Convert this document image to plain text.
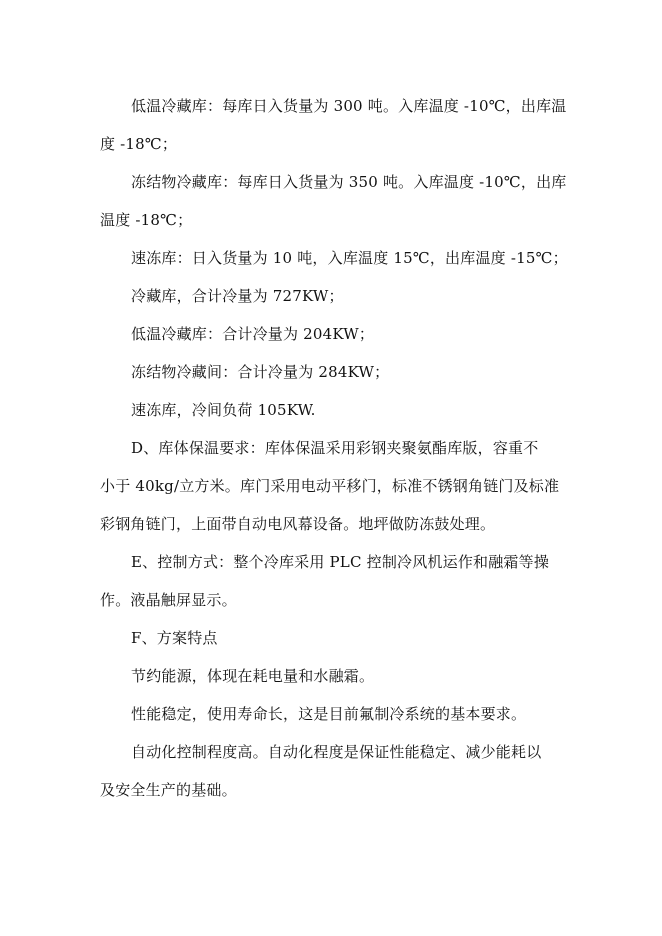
低温冷藏库：每库日入货量为 300 吨。入库温度 -10℃，出库温
度 -18℃；

冻结物冷藏库：每库日入货量为 350 吨。入库温度 -10℃，出库
温度 -18℃；

速冻库：日入货量为 10 吨，入库温度 15℃，出库温度 -15℃；

冷藏库，合计冷量为 727KW；

低温冷藏库：合计冷量为 204KW；

冻结物冷藏间：合计冷量为 284KW；

速冻库，冷间负荷 105KW.

D、库体保温要求：库体保温采用彩钢夹聚氨酯库版，容重不
小于 40kg/立方米。库门采用电动平移门，标准不锈钢角链门及标准
彩钢角链门，上面带自动电风幕设备。地坪做防冻鼓处理。

E、控制方式：整个冷库采用 PLC 控制冷风机运作和融霜等操
作。液晶触屏显示。

F、方案特点

节约能源，体现在耗电量和水融霜。

性能稳定，使用寿命长，这是目前氟制冷系统的基本要求。

自动化控制程度高。自动化程度是保证性能稳定、减少能耗以
及安全生产的基础。
